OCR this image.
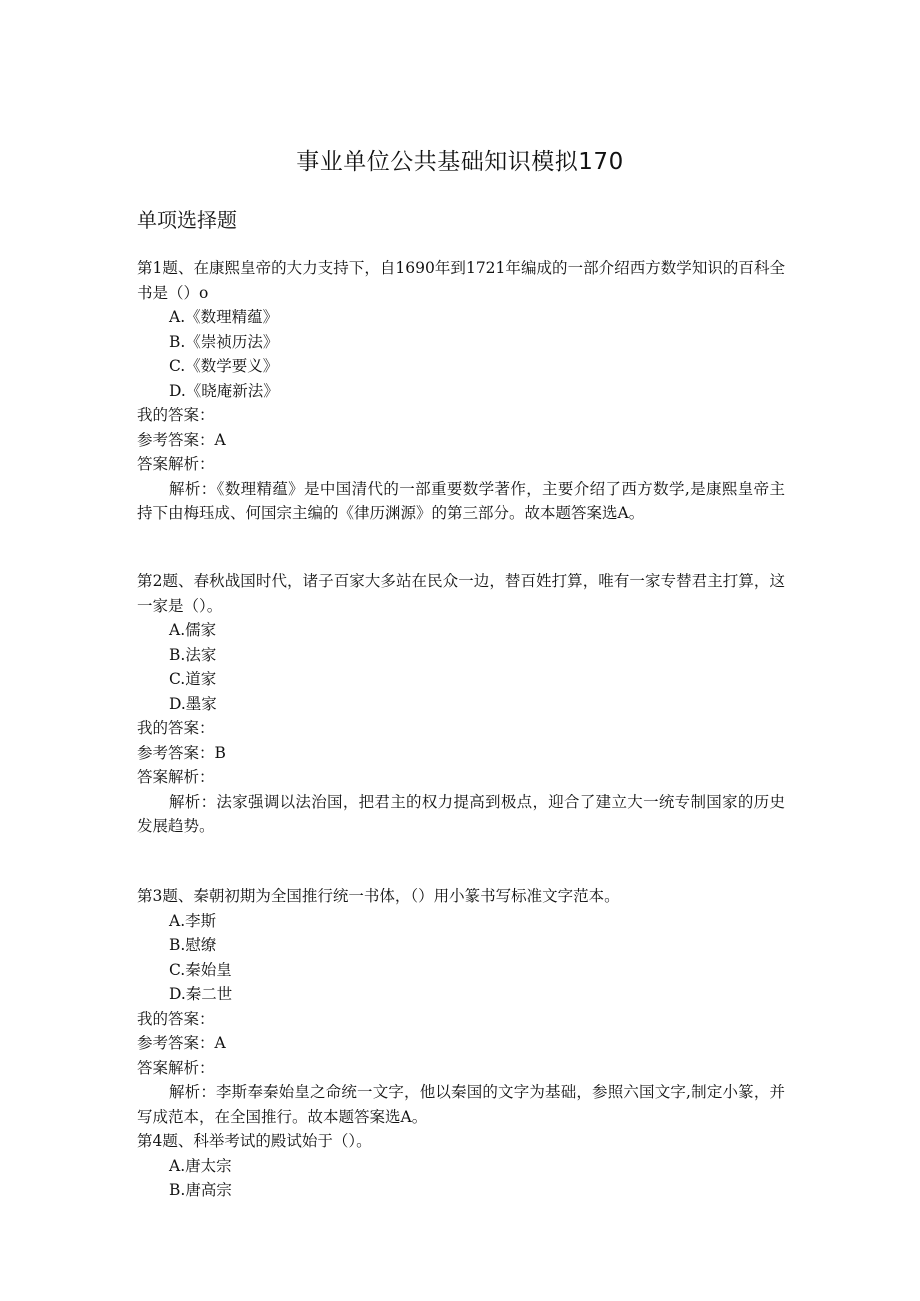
事业单位公共基础知识模拟170
单项选择题

第1题、在康熙皇帝的大力支持下，自1690年到1721年编成的一部介绍西方数学知识的百科全书是（）o

A.《数理精蕴》

B.《崇祯历法》

C.《数学要义》

D.《晓庵新法》

我的答案：

参考答案：A

答案解析：

解析：《数理精蕴》是中国清代的一部重要数学著作，主要介绍了西方数学,是康熙皇帝主持下由梅珏成、何国宗主编的《律历渊源》的第三部分。故本题答案选A。

第2题、春秋战国时代，诸子百家大多站在民众一边，替百姓打算，唯有一家专替君主打算，这一家是（）。

A.儒家

B.法家

C.道家

D.墨家

我的答案：

参考答案：B

答案解析：

解析：法家强调以法治国，把君主的权力提高到极点，迎合了建立大一统专制国家的历史发展趋势。

第3题、秦朝初期为全国推行统一书体，（）用小篆书写标准文字范本。

A.李斯

B.慰缭

C.秦始皇

D.秦二世

我的答案：

参考答案：A

答案解析：

解析：李斯奉秦始皇之命统一文字，他以秦国的文字为基础，参照六国文字,制定小篆，并写成范本，在全国推行。故本题答案选A。

第4题、科举考试的殿试始于（）。

A.唐太宗

B.唐高宗
